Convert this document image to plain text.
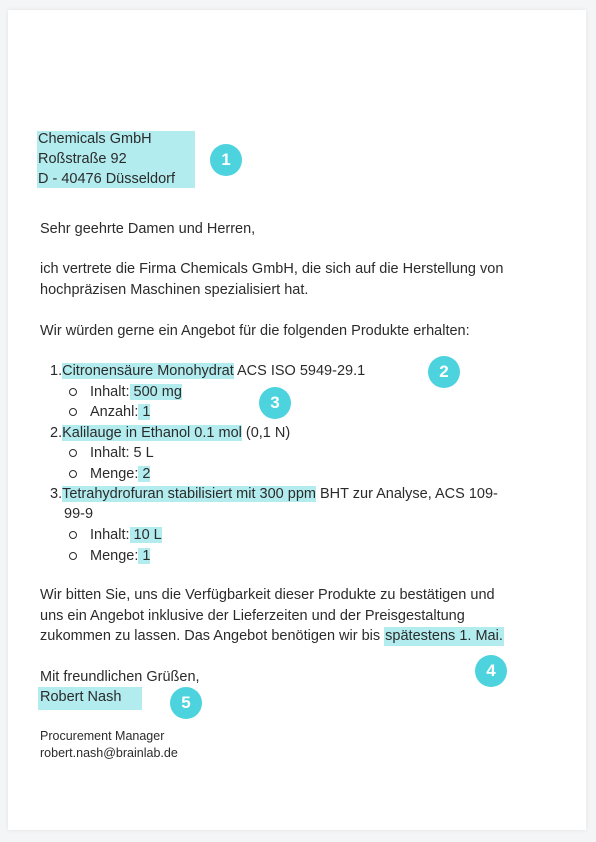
Chemicals GmbH
Roßstraße 92
D - 40476 Düsseldorf
1
Sehr geehrte Damen und Herren,
ich vertrete die Firma Chemicals GmbH, die sich auf die Herstellung von
hochpräzisen Maschinen spezialisiert hat.
Wir würden gerne ein Angebot für die folgenden Produkte erhalten:
1.Citronensäure Monohydrat ACS ISO 5949-29.1	2
Inhalt: 500 mg
Anzahl: 1	3
2.Kalilauge in Ethanol 0.1 mol (0,1 N)
Inhalt: 5 L
Menge: 2
3.Tetrahydrofuran stabilisiert mit 300 ppm BHT zur Analyse, ACS 109-
99-9
Inhalt: 10 L
Menge: 1
Wir bitten Sie, uns die Verfügbarkeit dieser Produkte zu bestätigen und
uns ein Angebot inklusive der Lieferzeiten und der Preisgestaltung
zukommen zu lassen. Das Angebot benötigen wir bis spätestens 1. Mai.
4
Mit freundlichen Grüßen,
Robert Nash	5
Procurement Manager
robert.nash@brainlab.de
